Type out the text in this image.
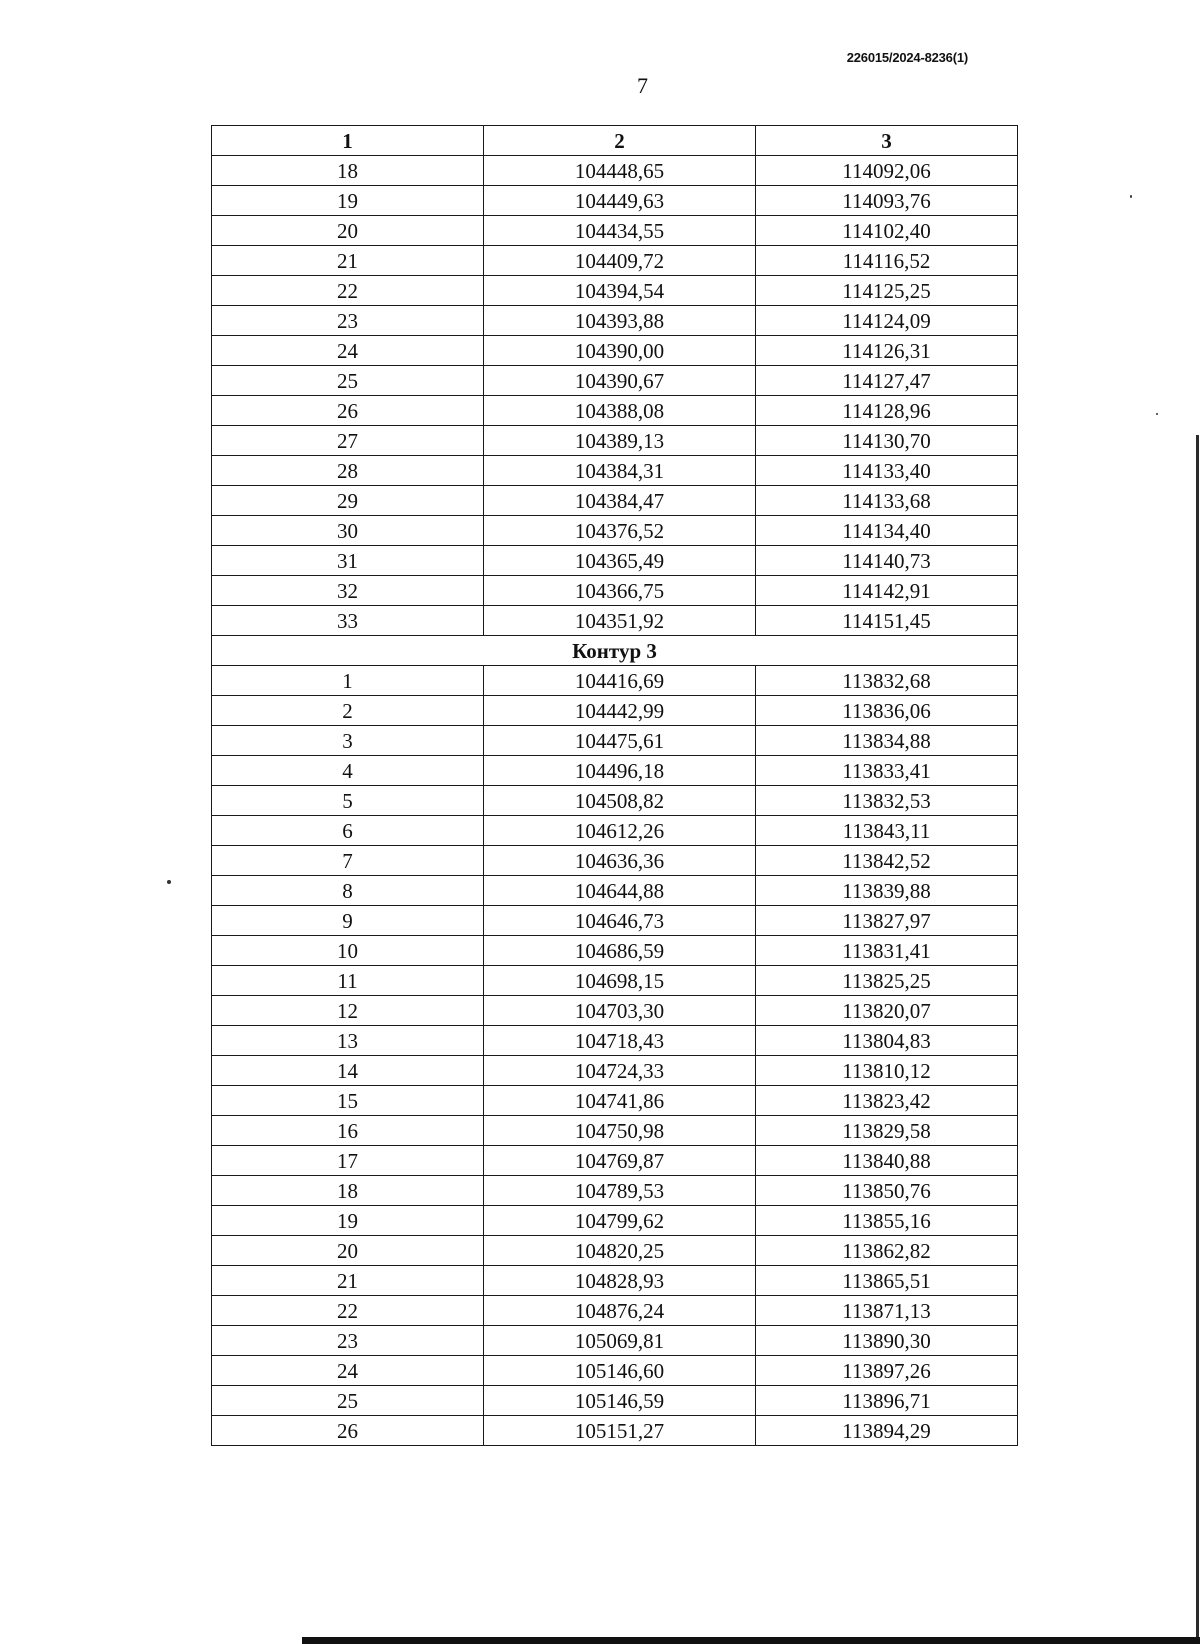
226015/2024-8236(1)
7
1	2	3
18	104448,65	114092,06
19	104449,63	114093,76
20	104434,55	114102,40
21	104409,72	114116,52
22	104394,54	114125,25
23	104393,88	114124,09
24	104390,00	114126,31
25	104390,67	114127,47
26	104388,08	114128,96
27	104389,13	114130,70
28	104384,31	114133,40
29	104384,47	114133,68
30	104376,52	114134,40
31	104365,49	114140,73
32	104366,75	114142,91
33	104351,92	114151,45
Контур 3		
1	104416,69	113832,68
2	104442,99	113836,06
3	104475,61	113834,88
4	104496,18	113833,41
5	104508,82	113832,53
6	104612,26	113843,11
7	104636,36	113842,52
8	104644,88	113839,88
9	104646,73	113827,97
10	104686,59	113831,41
11	104698,15	113825,25
12	104703,30	113820,07
13	104718,43	113804,83
14	104724,33	113810,12
15	104741,86	113823,42
16	104750,98	113829,58
17	104769,87	113840,88
18	104789,53	113850,76
19	104799,62	113855,16
20	104820,25	113862,82
21	104828,93	113865,51
22	104876,24	113871,13
23	105069,81	113890,30
24	105146,60	113897,26
25	105146,59	113896,71
26	105151,27	113894,29
